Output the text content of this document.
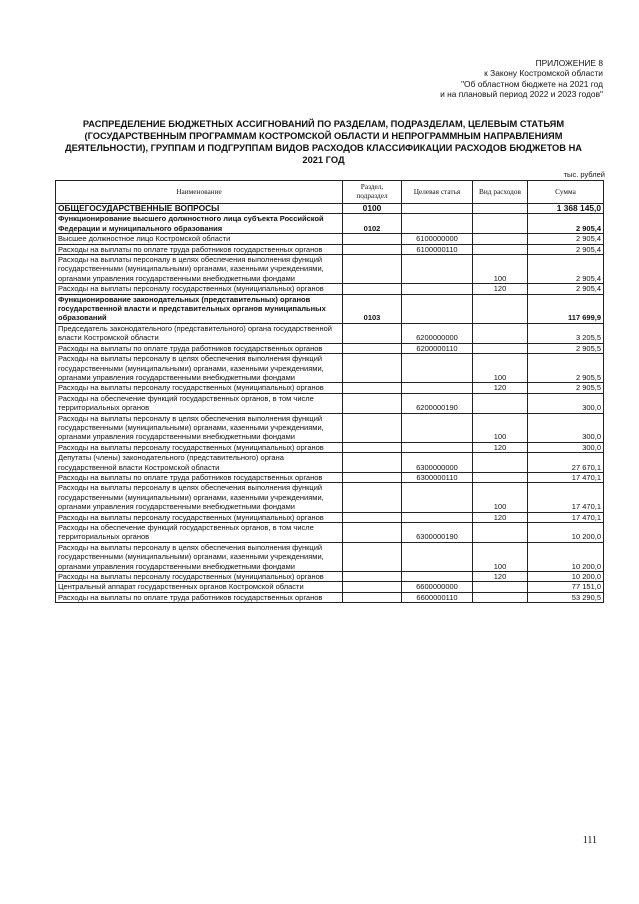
ПРИЛОЖЕНИЕ 8
к Закону Костромской области
"Об областном бюджете на 2021 год
и на плановый период 2022 и 2023 годов"
РАСПРЕДЕЛЕНИЕ БЮДЖЕТНЫХ АССИГНОВАНИЙ ПО РАЗДЕЛАМ, ПОДРАЗДЕЛАМ, ЦЕЛЕВЫМ СТАТЬЯМ (ГОСУДАРСТВЕННЫМ ПРОГРАММАМ КОСТРОМСКОЙ ОБЛАСТИ И НЕПРОГРАММНЫМ НАПРАВЛЕНИЯМ ДЕЯТЕЛЬНОСТИ), ГРУППАМ И ПОДГРУППАМ ВИДОВ РАСХОДОВ КЛАССИФИКАЦИИ РАСХОДОВ БЮДЖЕТОВ НА 2021 ГОД
тыс. рублей
Наименование	Раздел, подраздел	Целевая статья	Вид расходов	Сумма
ОБЩЕГОСУДАРСТВЕННЫЕ ВОПРОСЫ	0100			1 368 145,0
Функционирование высшего должностного лица субъекта Российской Федерации и муниципального образования	0102			2 905,4
Высшее должностное лицо Костромской области		6100000000		2 905,4
Расходы на выплаты по оплате труда работников государственных органов		6100000110		2 905,4
Расходы на выплаты персоналу в целях обеспечения выполнения функций государственными (муниципальными) органами, казенными учреждениями, органами управления государственными внебюджетными фондами			100	2 905,4
Расходы на выплаты персоналу государственных (муниципальных) органов			120	2 905,4
Функционирование законодательных (представительных) органов государственной власти и представительных органов муниципальных образований	0103			117 699,9
Председатель законодательного (представительного) органа государственной власти Костромской области		6200000000		3 205,5
Расходы на выплаты по оплате труда работников государственных органов		6200000110		2 905,5
Расходы на выплаты персоналу в целях обеспечения выполнения функций государственными (муниципальными) органами, казенными учреждениями, органами управления государственными внебюджетными фондами			100	2 905,5
Расходы на выплаты персоналу государственных (муниципальных) органов			120	2 905,5
Расходы на обеспечение функций государственных органов, в том числе территориальных органов		6200000190		300,0
Расходы на выплаты персоналу в целях обеспечения выполнения функций государственными (муниципальными) органами, казенными учреждениями, органами управления государственными внебюджетными фондами			100	300,0
Расходы на выплаты персоналу государственных (муниципальных) органов			120	300,0
Депутаты (члены) законодательного (представительного) органа государственной власти Костромской области		6300000000		27 670,1
Расходы на выплаты по оплате труда работников государственных органов		6300000110		17 470,1
Расходы на выплаты персоналу в целях обеспечения выполнения функций государственными (муниципальными) органами, казенными учреждениями, органами управления государственными внебюджетными фондами			100	17 470,1
Расходы на выплаты персоналу государственных (муниципальных) органов			120	17 470,1
Расходы на обеспечение функций государственных органов, в том числе территориальных органов		6300000190		10 200,0
Расходы на выплаты персоналу в целях обеспечения выполнения функций государственными (муниципальными) органами, казенными учреждениями, органами управления государственными внебюджетными фондами			100	10 200,0
Расходы на выплаты персоналу государственных (муниципальных) органов			120	10 200,0
Центральный аппарат государственных органов Костромской области		6600000000		77 151,0
Расходы на выплаты по оплате труда работников государственных органов		6600000110		53 290,5
111
